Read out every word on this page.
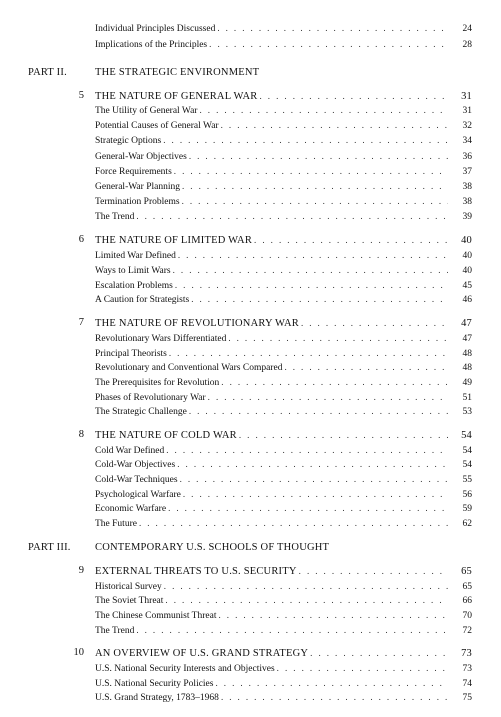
Individual Principles Discussed . . .	24
Implications of the Principles . . .	28
PART II.	THE STRATEGIC ENVIRONMENT
5 THE NATURE OF GENERAL WAR . . .	31
The Utility of General War . . .	31
Potential Causes of General War . . .	32
Strategic Options . . .	34
General-War Objectives . . .	36
Force Requirements . . .	37
General-War Planning . . .	38
Termination Problems . . .	38
The Trend . . .	39
6 THE NATURE OF LIMITED WAR . . .	40
Limited War Defined . . .	40
Ways to Limit Wars . . .	40
Escalation Problems . . .	45
A Caution for Strategists . . .	46
7 THE NATURE OF REVOLUTIONARY WAR . . .	47
Revolutionary Wars Differentiated . . .	47
Principal Theorists . . .	48
Revolutionary and Conventional Wars Compared . . .	48
The Prerequisites for Revolution . . .	49
Phases of Revolutionary War . . .	51
The Strategic Challenge . . .	53
8 THE NATURE OF COLD WAR . . .	54
Cold War Defined . . .	54
Cold-War Objectives . . .	54
Cold-War Techniques . . .	55
Psychological Warfare . . .	56
Economic Warfare . . .	59
The Future . . .	62
PART III. CONTEMPORARY U.S. SCHOOLS OF THOUGHT
9 EXTERNAL THREATS TO U.S. SECURITY . . .	65
Historical Survey . . .	65
The Soviet Threat . . .	66
The Chinese Communist Threat . . .	70
The Trend . . .	72
10 AN OVERVIEW OF U.S. GRAND STRATEGY . . .	73
U.S. National Security Interests and Objectives . . .	73
U.S. National Security Policies . . .	74
U.S. Grand Strategy, 1783–1968 . . .	75
